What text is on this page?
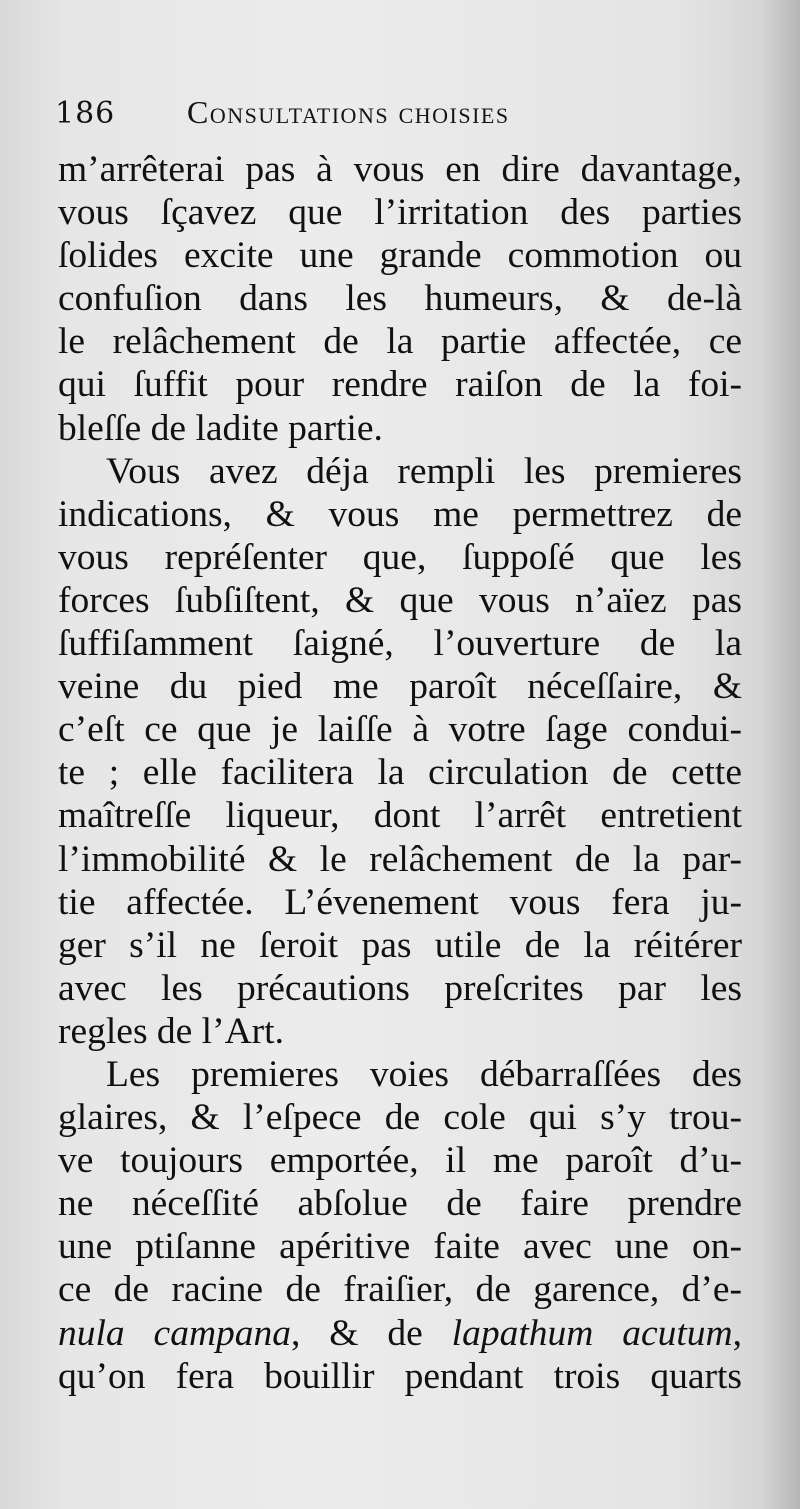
186 Consultations choisies
m’arrêterai pas à vous en dire davantage,
vous ſçavez que l’irritation des parties
ſolides excite une grande commotion ou
confuſion dans les humeurs, & de-là
le relâchement de la partie affectée, ce
qui ſuffit pour rendre raiſon de la foi-
bleſſe de ladite partie.
Vous avez déja rempli les premieres
indications, & vous me permettrez de
vous repréſenter que, ſuppoſé que les
forces ſubſiſtent, & que vous n’aïez pas
ſuffiſamment ſaigné, l’ouverture de la
veine du pied me paroît néceſſaire, &
c’eſt ce que je laiſſe à votre ſage condui-
te ; elle facilitera la circulation de cette
maîtreſſe liqueur, dont l’arrêt entretient
l’immobilité & le relâchement de la par-
tie affectée. L’évenement vous fera ju-
ger s’il ne ſeroit pas utile de la réitérer
avec les précautions preſcrites par les
regles de l’Art.
Les premieres voies débarraſſées des
glaires, & l’eſpece de cole qui s’y trou-
ve toujours emportée, il me paroît d’u-
ne néceſſité abſolue de faire prendre
une ptiſanne apéritive faite avec une on-
ce de racine de fraiſier, de garence, d’e-
nula campana, & de lapathum acutum,
qu’on fera bouillir pendant trois quarts
